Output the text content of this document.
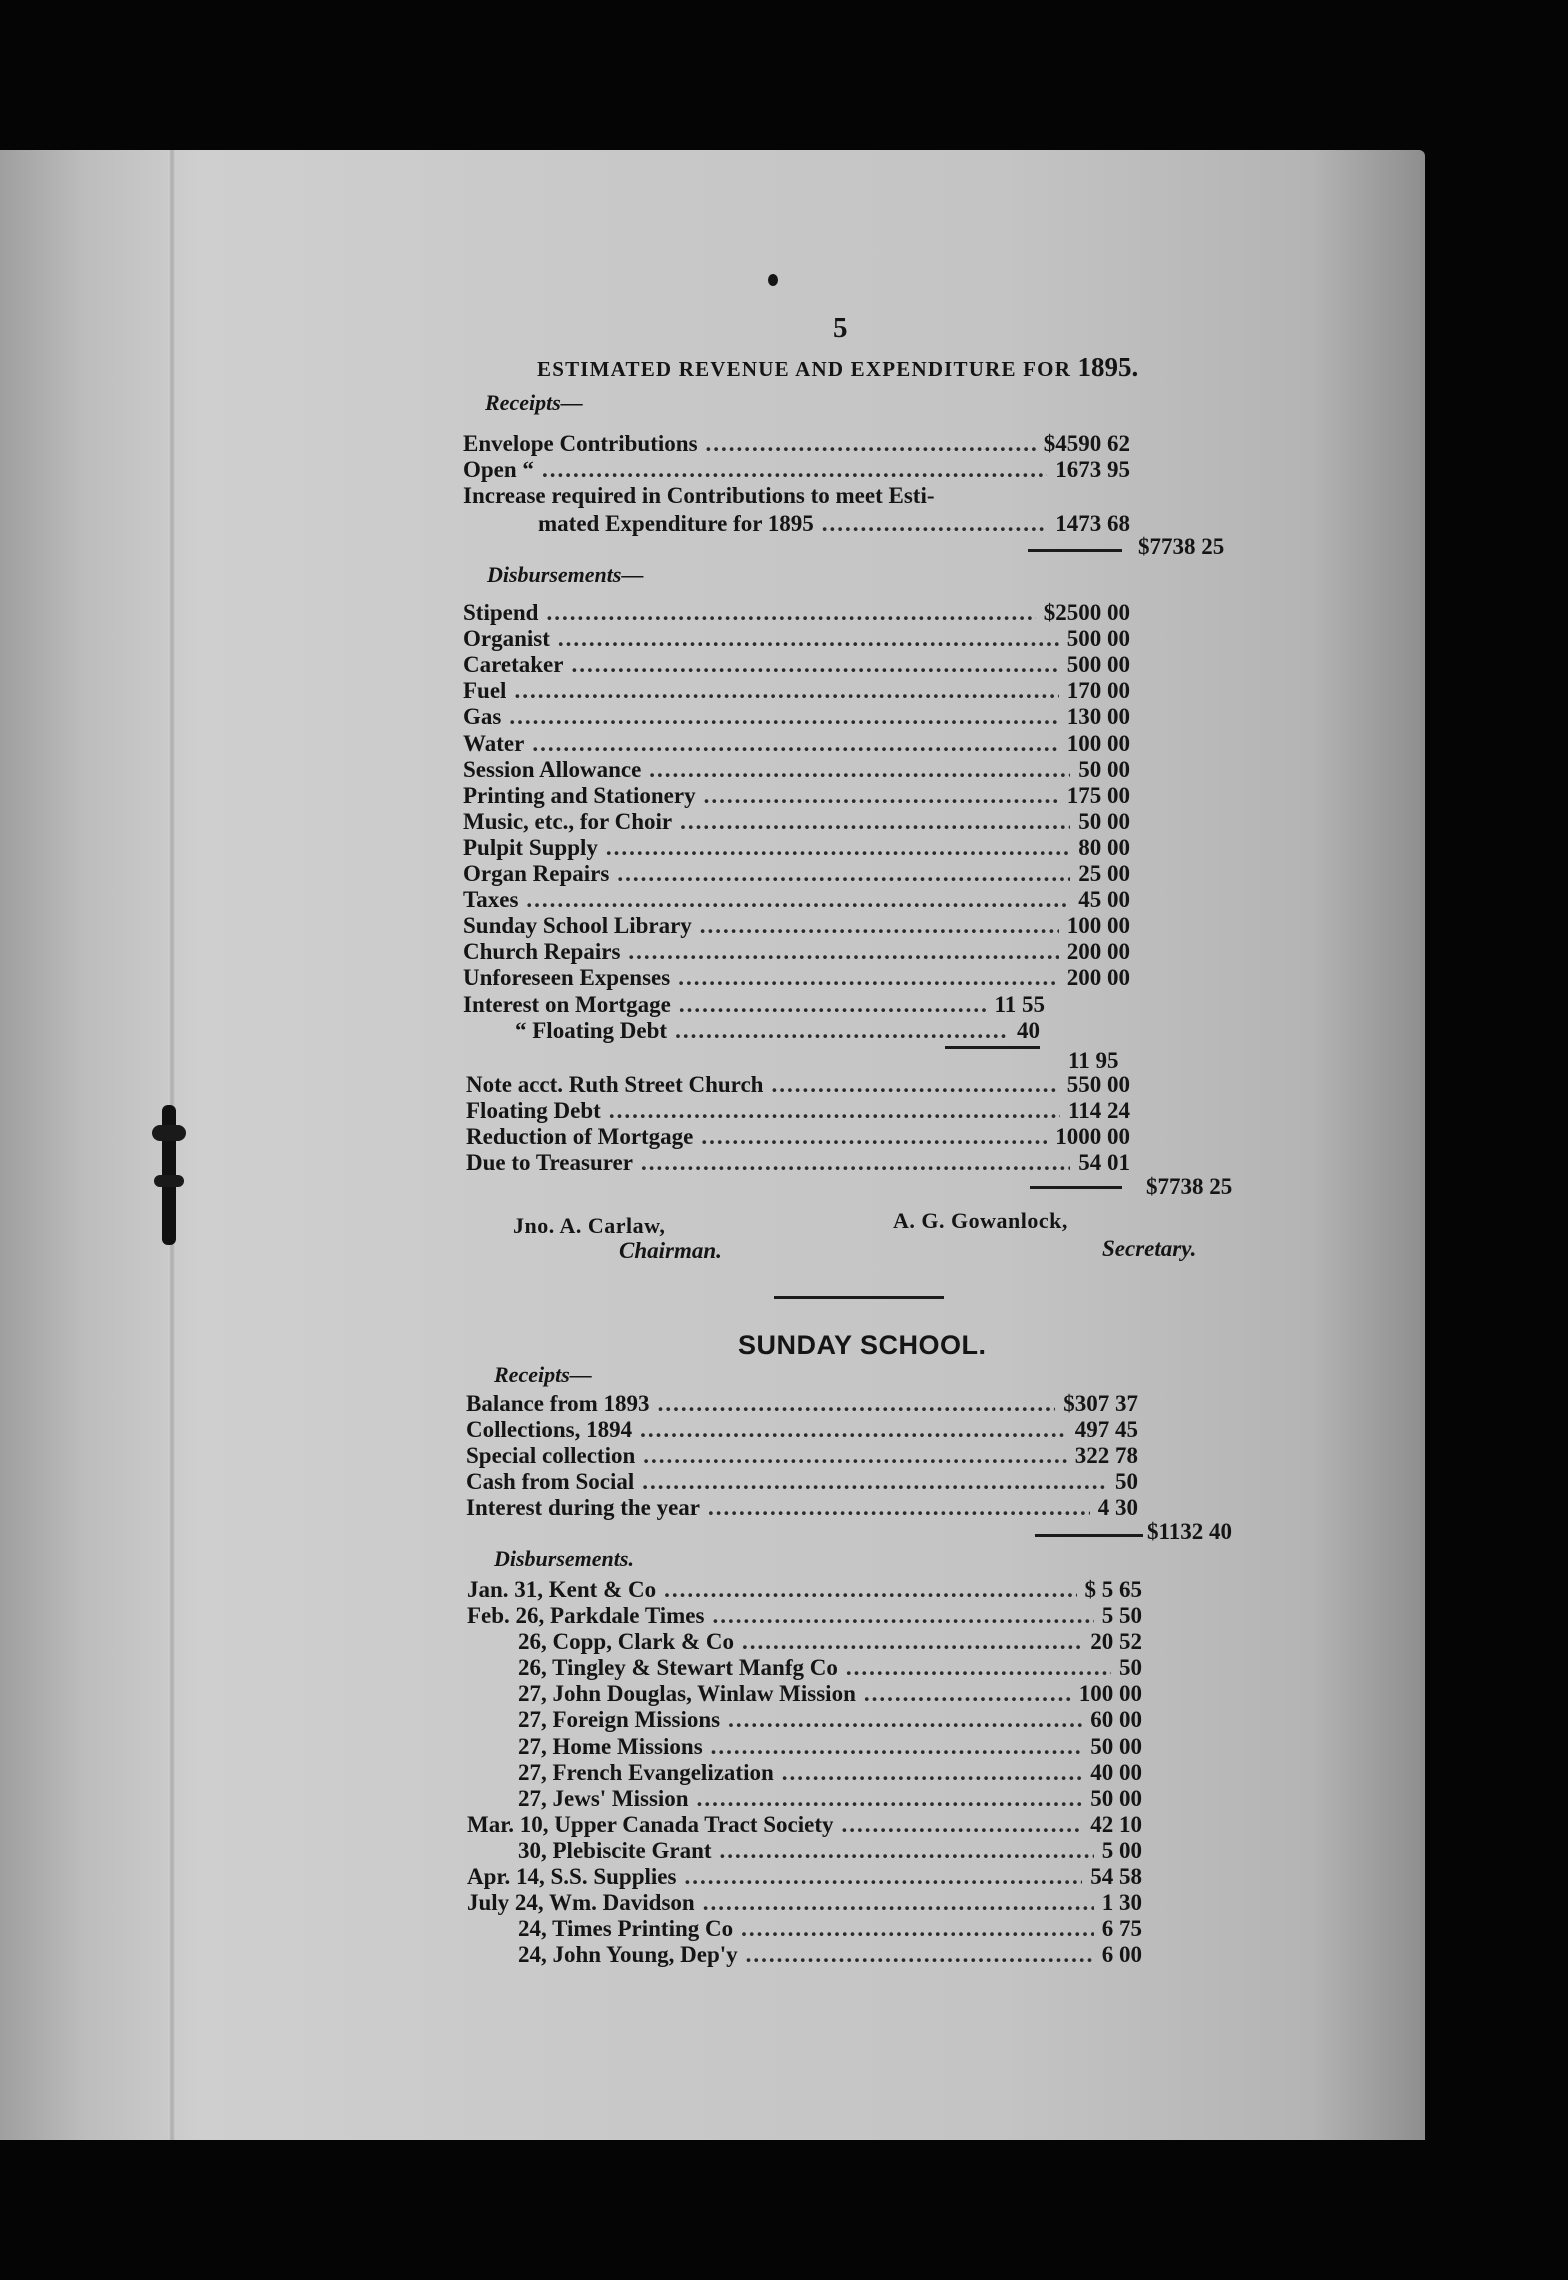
5
ESTIMATED REVENUE AND EXPENDITURE FOR 1895.
Receipts—
Envelope Contributions .....	$4590 62
Open “ .....	1673 95
Increase required in Contributions to meet Esti-
mated Expenditure for 1895 .....	1473 68
$7738 25
Disbursements—
Stipend .....	$2500 00
Organist .....	500 00
Caretaker .....	500 00
Fuel .....	170 00
Gas .....	130 00
Water .....	100 00
Session Allowance .....	50 00
Printing and Stationery .....	175 00
Music, etc., for Choir .....	50 00
Pulpit Supply .....	80 00
Organ Repairs .....	25 00
Taxes .....	45 00
Sunday School Library .....	100 00
Church Repairs .....	200 00
Unforeseen Expenses .....	200 00
Interest on Mortgage .....	11 55
“ Floating Debt .....	40
11 95
Note acct. Ruth Street Church .....	550 00
Floating Debt .....	114 24
Reduction of Mortgage .....	1000 00
Due to Treasurer .....	54 01
$7738 25
Jno. A. Carlaw,
Chairman.
A. G. Gowanlock,
Secretary.
SUNDAY SCHOOL.
Receipts—
Balance from 1893 .....	$307 37
Collections, 1894 .....	497 45
Special collection .....	322 78
Cash from Social .....	50
Interest during the year .....	4 30
$1132 40
Disbursements.
Jan. 31, Kent & Co .....	$ 5 65
Feb. 26, Parkdale Times .....	5 50
26, Copp, Clark & Co .....	20 52
26, Tingley & Stewart Manfg Co .....	50
27, John Douglas, Winlaw Mission .....	100 00
27, Foreign Missions .....	60 00
27, Home Missions .....	50 00
27, French Evangelization .....	40 00
27, Jews' Mission .....	50 00
Mar. 10, Upper Canada Tract Society .....	42 10
30, Plebiscite Grant .....	5 00
Apr. 14, S.S. Supplies .....	54 58
July 24, Wm. Davidson .....	1 30
24, Times Printing Co .....	6 75
24, John Young, Dep'y .....	6 00
